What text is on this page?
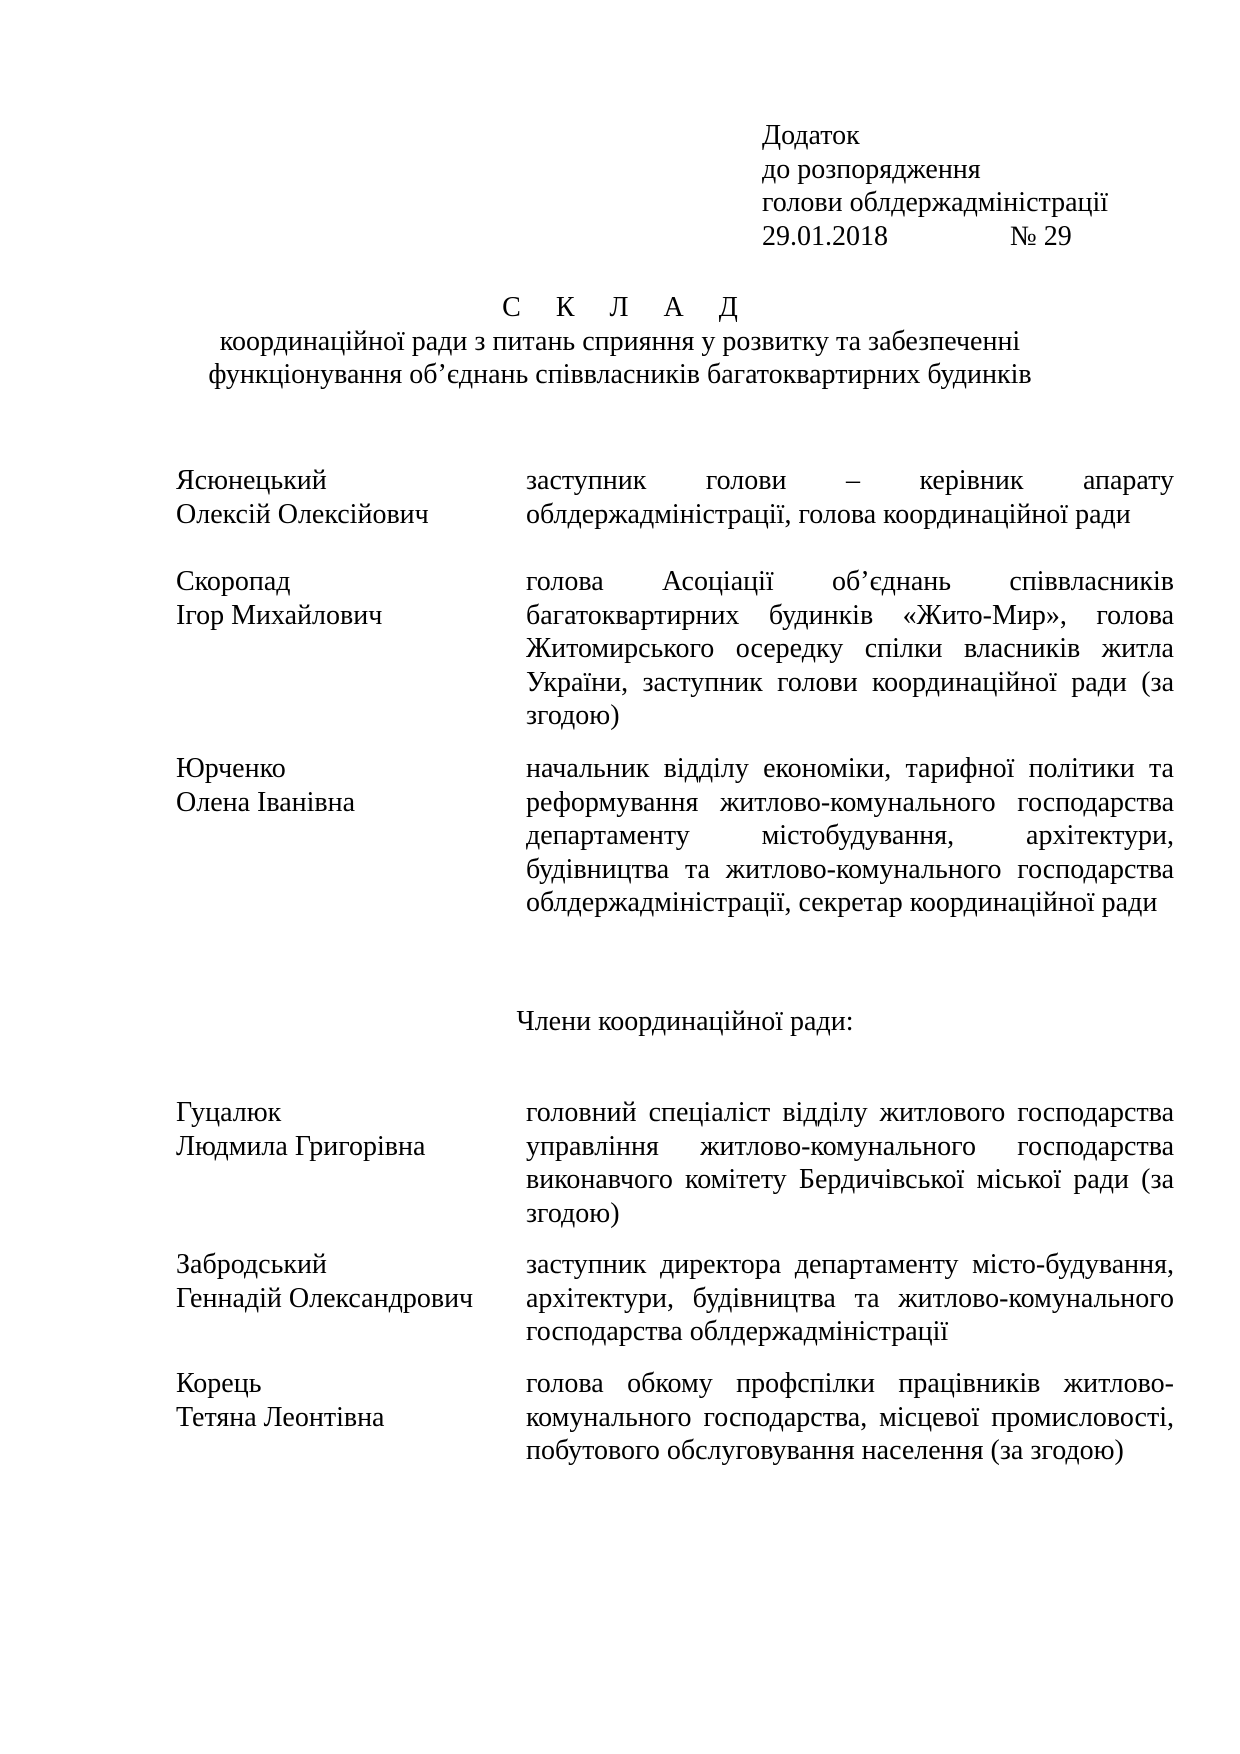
Додаток
до розпорядження
голови облдержадміністрації
29.01.2018	№ 29
С К Л А Д
координаційної ради з питань сприяння у розвитку та забезпеченні функціонування об’єднань співвласників багатоквартирних будинків
Ясюнецький
Олексій Олексійович
заступник голови – керівник апарату облдержадміністрації, голова координаційної ради
Скоропад
Ігор Михайлович
голова Асоціації об’єднань співвласників багатоквартирних будинків «Жито-Мир», голова Житомирського осередку спілки власників житла України, заступник голови координаційної ради (за згодою)
Юрченко
Олена Іванівна
начальник відділу економіки, тарифної політики та реформування житлово-комунального господарства департаменту містобудування, архітектури, будівництва та житлово-комунального господарства облдержадміністрації, секретар координаційної ради
Члени координаційної ради:
Гуцалюк
Людмила Григорівна
головний спеціаліст відділу житлового господарства управління житлово-комунального господарства виконавчого комітету Бердичівської міської ради (за згодою)
Забродський
Геннадій Олександрович
заступник директора департаменту місто-будування, архітектури, будівництва та житлово-комунального господарства облдержадміністрації
Корець
Тетяна Леонтівна
голова обкому профспілки працівників житлово-комунального господарства, місцевої промисловості, побутового обслуговування населення (за згодою)
